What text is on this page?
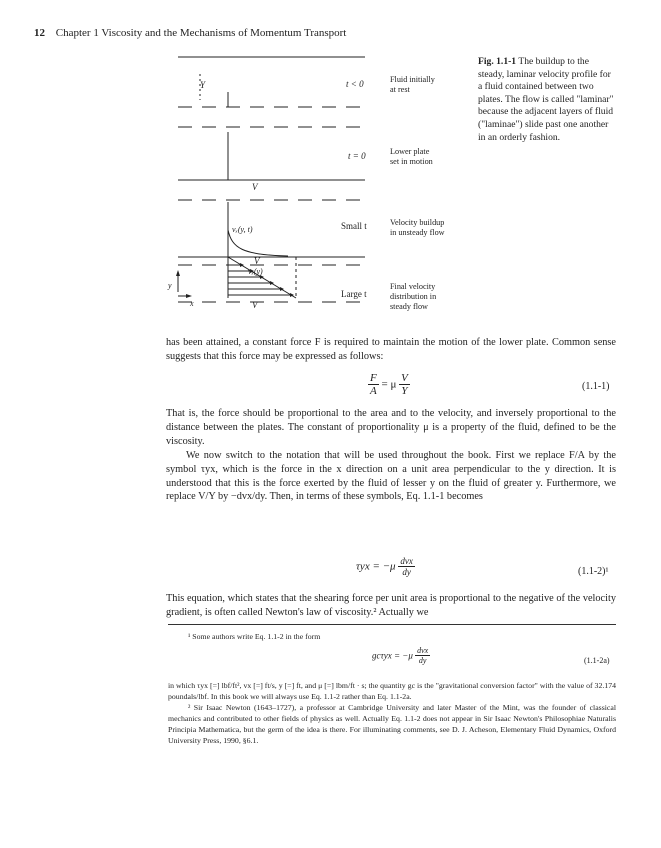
12 Chapter 1 Viscosity and the Mechanisms of Momentum Transport
Y
V
vₓ(y, t)
V
vₓ(y)
V
y
x
t < 0	Fluid initially
at rest
t = 0	Lower plate
set in motion
Small t	Velocity buildup
in unsteady flow
Large t
Final velocity
distribution in
steady flow
Fig. 1.1-1 The buildup to the steady, laminar velocity profile for a fluid contained between two plates. The flow is called "laminar" because the adjacent layers of fluid ("laminae") slide past one another in an orderly fashion.

has been attained, a constant force F is required to maintain the motion of the lower plate. Common sense suggests that this force may be expressed as follows:

$\frac{F}{A} = \mu \frac{V}{Y}$	(1.1-1)

That is, the force should be proportional to the area and to the velocity, and inversely proportional to the distance between the plates. The constant of proportionality μ is a property of the fluid, defined to be the viscosity.

We now switch to the notation that will be used throughout the book. First we replace F/A by the symbol τyx, which is the force in the x direction on a unit area perpendicular to the y direction. It is understood that this is the force exerted by the fluid of lesser y on the fluid of greater y. Furthermore, we replace V/Y by −dvx/dy. Then, in terms of these symbols, Eq. 1.1-1 becomes

τyx = −μ dvx
dy	(1.1-2)¹

This equation, which states that the shearing force per unit area is proportional to the negative of the velocity gradient, is often called Newton's law of viscosity.² Actually we

¹ Some authors write Eq. 1.1-2 in the form
gcτyx = −μ dvx
dy	(1.1-2a)

in which τyx [=] lbf/ft², vx [=] ft/s, y [=] ft, and μ [=] lbm/ft · s; the quantity gc is the "gravitational conversion factor" with the value of 32.174 poundals/lbf. In this book we will always use Eq. 1.1-2 rather than Eq. 1.1-2a.

² Sir Isaac Newton (1643–1727), a professor at Cambridge University and later Master of the Mint, was the founder of classical mechanics and contributed to other fields of physics as well. Actually Eq. 1.1-2 does not appear in Sir Isaac Newton's Philosophiae Naturalis Principia Mathematica, but the germ of the idea is there. For illuminating comments, see D. J. Acheson, Elementary Fluid Dynamics, Oxford University Press, 1990, §6.1.
